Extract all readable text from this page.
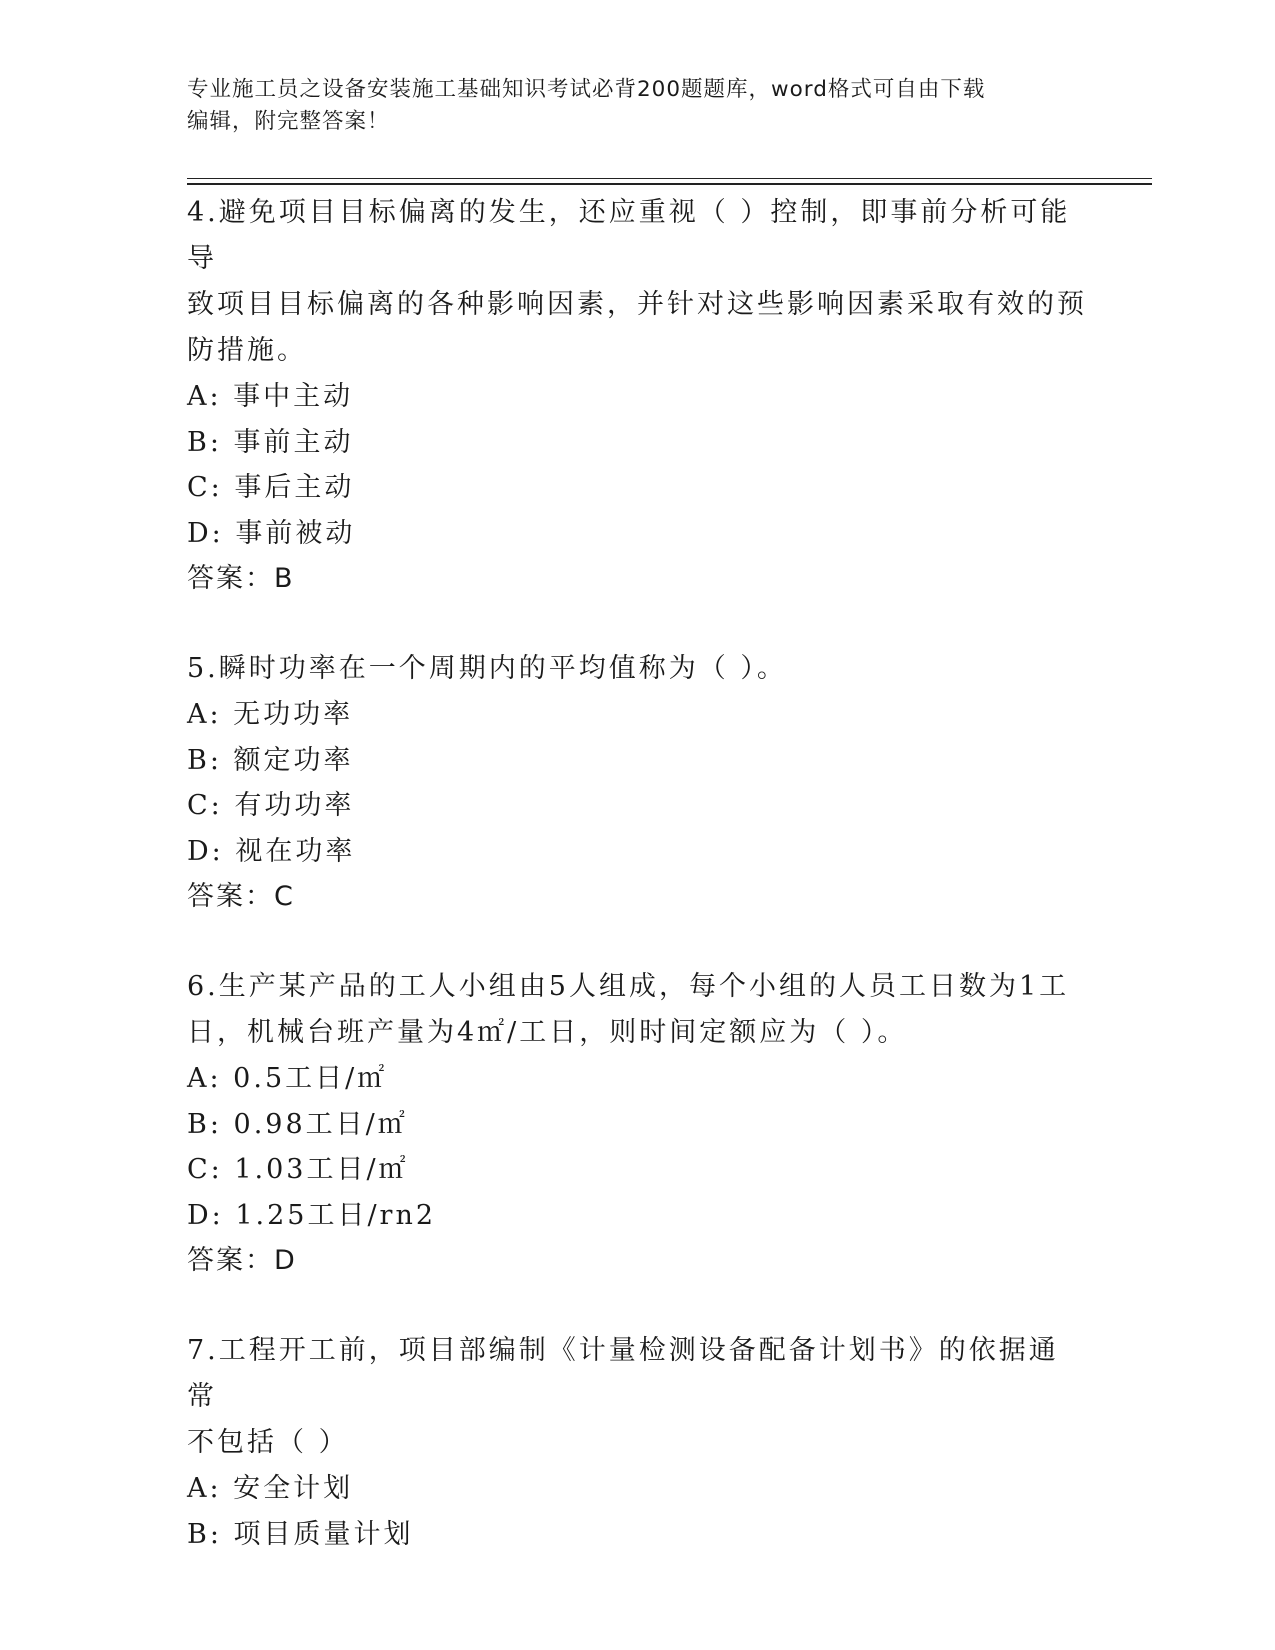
专业施工员之设备安装施工基础知识考试必背200题题库，word格式可自由下载
编辑，附完整答案！
4.避免项目目标偏离的发生，还应重视（ ）控制，即事前分析可能导
致项目目标偏离的各种影响因素，并针对这些影响因素采取有效的预
防措施。
A: 事中主动
B: 事前主动
C: 事后主动
D: 事前被动
答案：B
5.瞬时功率在一个周期内的平均值称为（ ）。
A: 无功功率
B: 额定功率
C: 有功功率
D: 视在功率
答案：C
6.生产某产品的工人小组由5人组成，每个小组的人员工日数为1工
日，机械台班产量为4㎡/工日，则时间定额应为（ ）。
A: 0.5工日/㎡
B: 0.98工日/㎡
C: 1.03工日/㎡
D: 1.25工日/rn2
答案：D
7.工程开工前，项目部编制《计量检测设备配备计划书》的依据通常
不包括（ ）
A: 安全计划
B: 项目质量计划
